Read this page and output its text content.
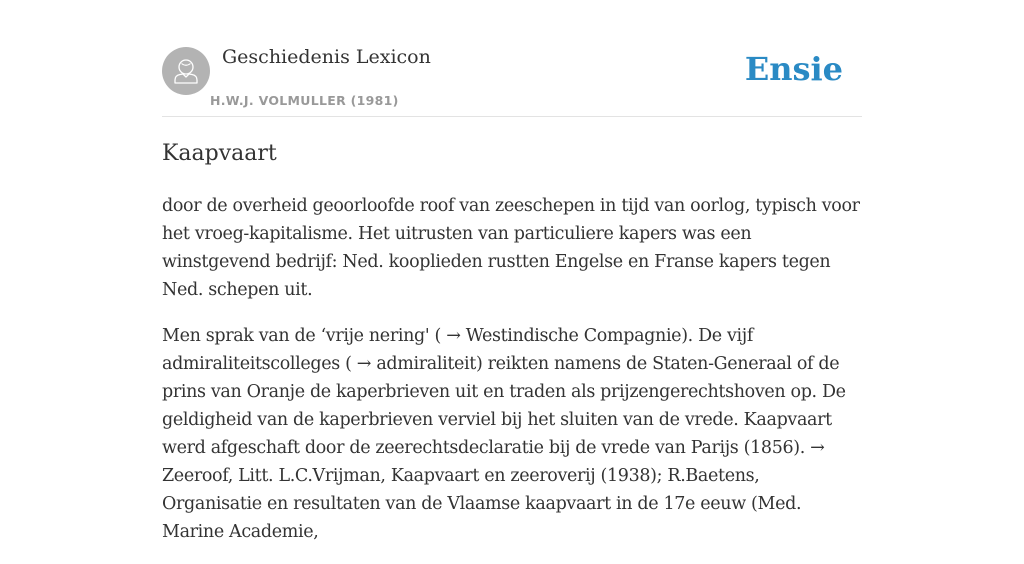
Geschiedenis Lexicon
H.W.J. VOLMULLER (1981)
Ensie
Kaapvaart

door de overheid geoorloofde roof van zeeschepen in tijd van oorlog, typisch voor het vroeg-kapitalisme. Het uitrusten van particuliere kapers was een winstgevend bedrijf: Ned. kooplieden rustten Engelse en Franse kapers tegen Ned. schepen uit.

Men sprak van de ‘vrije nering' ( → Westindische Compagnie). De vijf admiraliteitscolleges ( → admiraliteit) reikten namens de Staten-Generaal of de prins van Oranje de kaperbrieven uit en traden als prijzengerechtshoven op. De geldigheid van de kaperbrieven verviel bij het sluiten van de vrede. Kaapvaart werd afgeschaft door de zeerechtsdeclaratie bij de vrede van Parijs (1856). → Zeeroof, Litt. L.C.Vrijman, Kaapvaart en zeeroverij (1938); R.Baetens, Organisatie en resultaten van de Vlaamse kaapvaart in de 17e eeuw (Med. Marine Academie,
